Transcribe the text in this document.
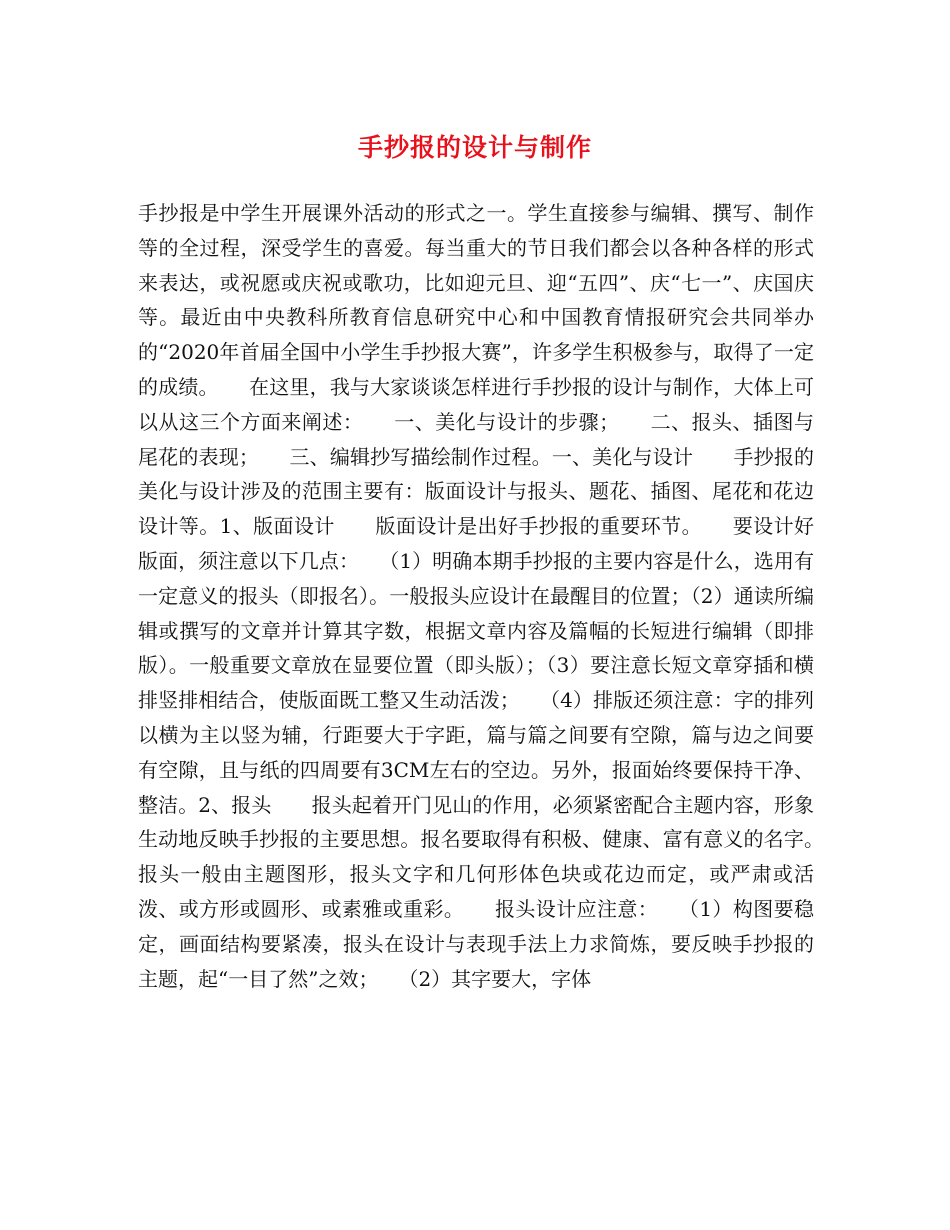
手抄报的设计与制作

手抄报是中学生开展课外活动的形式之一。学生直接参与编辑、撰写、制作等的全过程，深受学生的喜爱。每当重大的节日我们都会以各种各样的形式来表达，或祝愿或庆祝或歌功，比如迎元旦、迎“五四”、庆“七一”、庆国庆等。最近由中央教科所教育信息研究中心和中国教育情报研究会共同举办的“2020年首届全国中小学生手抄报大赛”，许多学生积极参与，取得了一定的成绩。　　在这里，我与大家谈谈怎样进行手抄报的设计与制作，大体上可以从这三个方面来阐述：　　一、美化与设计的步骤；　　二、报头、插图与尾花的表现；　　三、编辑抄写描绘制作过程。一、美化与设计　　手抄报的美化与设计涉及的范围主要有：版面设计与报头、题花、插图、尾花和花边设计等。1、版面设计　　版面设计是出好手抄报的重要环节。　　要设计好版面，须注意以下几点：　　（1）明确本期手抄报的主要内容是什么，选用有一定意义的报头（即报名）。一般报头应设计在最醒目的位置；（2）通读所编辑或撰写的文章并计算其字数，根据文章内容及篇幅的长短进行编辑（即排版）。一般重要文章放在显要位置（即头版）；（3）要注意长短文章穿插和横排竖排相结合，使版面既工整又生动活泼；　　（4）排版还须注意：字的排列以横为主以竖为辅，行距要大于字距，篇与篇之间要有空隙，篇与边之间要有空隙，且与纸的四周要有3CM左右的空边。另外，报面始终要保持干净、整洁。2、报头　　报头起着开门见山的作用，必须紧密配合主题内容，形象生动地反映手抄报的主要思想。报名要取得有积极、健康、富有意义的名字。　　报头一般由主题图形，报头文字和几何形体色块或花边而定，或严肃或活泼、或方形或圆形、或素雅或重彩。　　报头设计应注意：　　（1）构图要稳定，画面结构要紧凑，报头在设计与表现手法上力求简炼，要反映手抄报的主题，起“一目了然”之效；　　（2）其字要大，字体
